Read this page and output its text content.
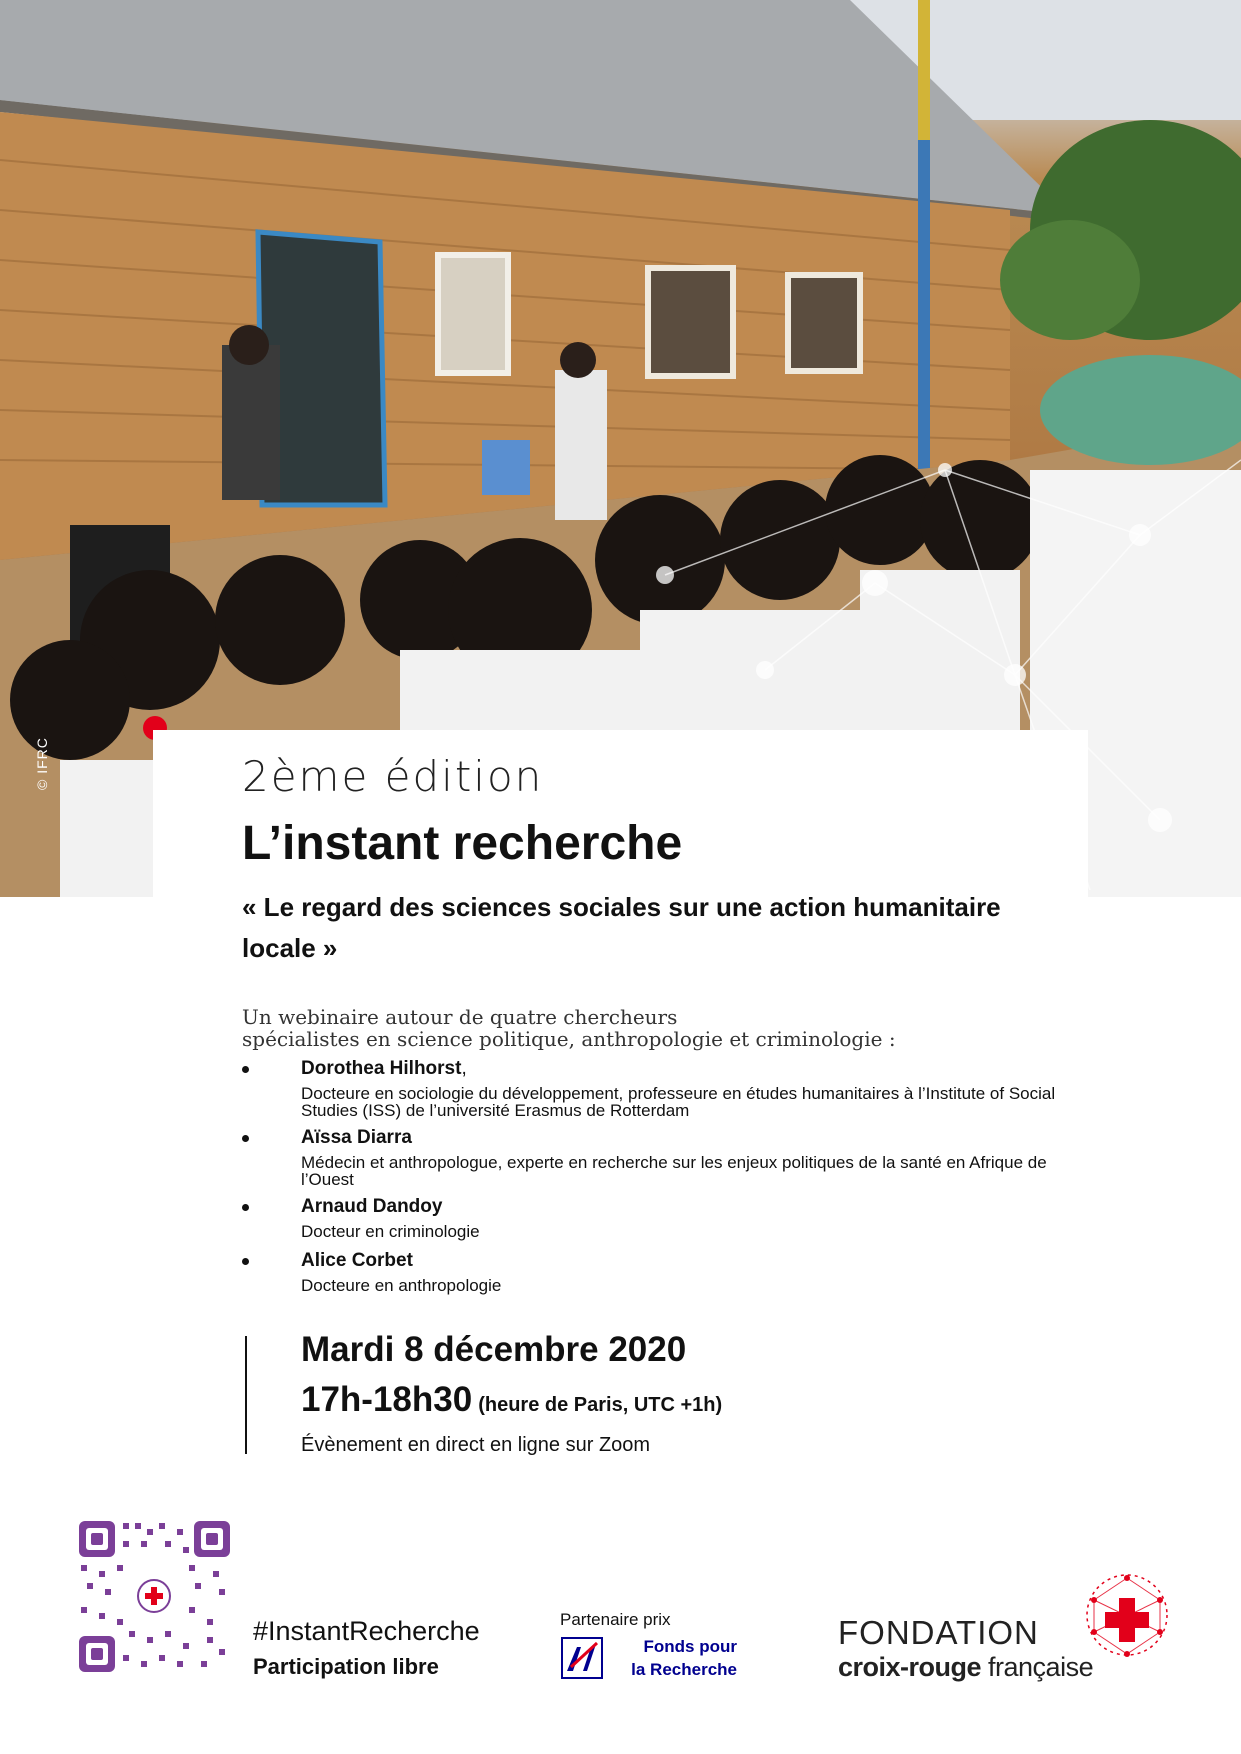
© IFRC	2ème édition
L’instant recherche
« Le regard des sciences sociales sur une action humanitaire locale »
Un webinaire autour de quatre chercheurs
spécialistes en science politique, anthropologie et criminologie :
Dorothea Hilhorst,
Docteure en sociologie du développement, professeure en études humanitaires à l’Institute of Social Studies (ISS) de l’université Erasmus de Rotterdam
Aïssa Diarra
Médecin et anthropologue, experte en recherche sur les enjeux politiques de la santé en Afrique de l’Ouest
Arnaud Dandoy
Docteur en criminologie
Alice Corbet
Docteure en anthropologie
Mardi 8 décembre 2020
17h-18h30 (heure de Paris, UTC +1h)
Évènement en direct en ligne sur Zoom
#InstantRecherche
Participation libre
Partenaire prix
Fonds pour
la Recherche
FONDATION
croix-rouge française
